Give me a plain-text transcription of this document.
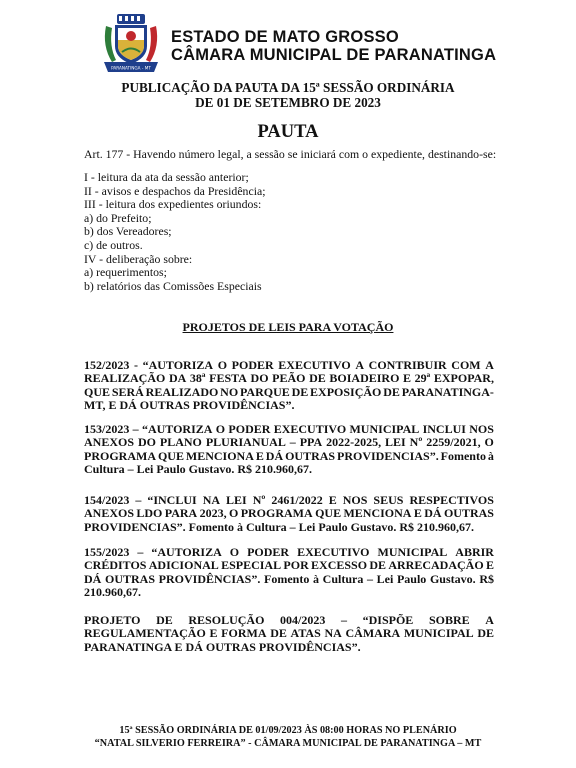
PARANATINGA - MT
ESTADO DE MATO GROSSO
CÂMARA MUNICIPAL DE PARANATINGA
PUBLICAÇÃO DA PAUTA DA 15ª SESSÃO ORDINÁRIA
DE 01 DE SETEMBRO DE 2023
PAUTA
Art. 177 - Havendo número legal, a sessão se iniciará com o expediente, destinando-se:
I - leitura da ata da sessão anterior;
II - avisos e despachos da Presidência;
III - leitura dos expedientes oriundos:
a) do Prefeito;
b) dos Vereadores;
c) de outros.
IV - deliberação sobre:
a) requerimentos;
b) relatórios das Comissões Especiais
PROJETOS DE LEIS PARA VOTAÇÃO
152/2023 - “AUTORIZA O PODER EXECUTIVO A CONTRIBUIR COM A
REALIZAÇÃO DA 38ª FESTA DO PEÃO DE BOIADEIRO E 29ª EXPOPAR,
QUE SERÁ REALIZADO NO PARQUE DE EXPOSIÇÃO DE PARANATINGA-
MT, E DÁ OUTRAS PROVIDÊNCIAS”.
153/2023 – “AUTORIZA O PODER EXECUTIVO MUNICIPAL INCLUI NOS
ANEXOS DO PLANO PLURIANUAL – PPA 2022-2025, LEI Nº 2259/2021, O
PROGRAMA QUE MENCIONA E DÁ OUTRAS PROVIDENCIAS”. Fomento à
Cultura – Lei Paulo Gustavo. R$ 210.960,67.
154/2023 – “INCLUI NA LEI Nº 2461/2022 E NOS SEUS RESPECTIVOS
ANEXOS LDO PARA 2023, O PROGRAMA QUE MENCIONA E DÁ OUTRAS
PROVIDENCIAS”. Fomento à Cultura – Lei Paulo Gustavo. R$ 210.960,67.
155/2023 – “AUTORIZA O PODER EXECUTIVO MUNICIPAL ABRIR
CRÉDITOS ADICIONAL ESPECIAL POR EXCESSO DE ARRECADAÇÃO E
DÁ OUTRAS PROVIDÊNCIAS”. Fomento à Cultura – Lei Paulo Gustavo. R$
210.960,67.
PROJETO DE RESOLUÇÃO 004/2023 – “DISPÕE SOBRE A
REGULAMENTAÇÃO E FORMA DE ATAS NA CÂMARA MUNICIPAL DE
PARANATINGA E DÁ OUTRAS PROVIDÊNCIAS”.
15ª SESSÃO ORDINÁRIA DE 01/09/2023 ÀS 08:00 HORAS NO PLENÁRIO
“NATAL SILVERIO FERREIRA” - CÂMARA MUNICIPAL DE PARANATINGA – MT
